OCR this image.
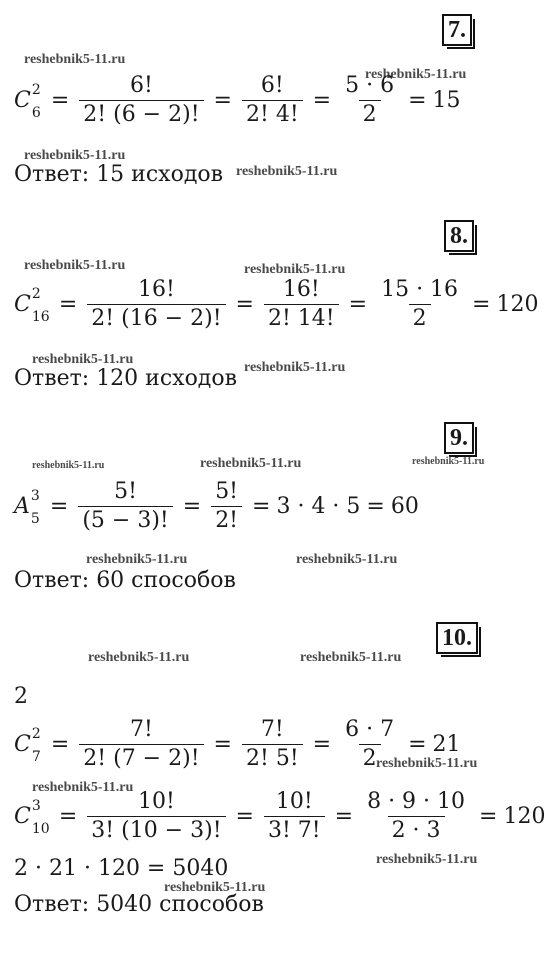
7.
reshebnik5-11.ru
reshebnik5-11.ru
C 2
$6 = \frac{6!}{2! (6 - 2)!} = \frac{6!}{2! 4!} = \frac{5 \cdot 6}{2} = 15$
reshebnik5-11.ru
Ответ: 15 исходов reshebnik5-11.ru
8.
reshebnik5-11.ru	reshebnik5-11.ru
C 2
$16 = \frac{16!}{2! (16 - 2)!} = \frac{16!}{2! 14!} = \frac{15 \cdot 16}{2} = 120$
reshebnik5-11.ru
Ответ: 120 исходов reshebnik5-11.ru
9.
reshebnik5-11.ru	reshebnik5-11.ru	reshebnik5-11.ru
A 3
$5 = \frac{5!}{(5 - 3)!} = \frac{5!}{2!} = 3 \cdot 4 \cdot 5 = 60$
reshebnik5-11.ru	reshebnik5-11.ru
Ответ: 60 способов
10.
reshebnik5-11.ru	reshebnik5-11.ru
2
C 2
$7 = \frac{7!}{2! (7 - 2)!} = \frac{7!}{2! 5!} = \frac{6 \cdot 7}{2} = 21$
reshebnik5-11.ru
reshebnik5-11.ru
C 3
$10 = \frac{10!}{3! (10 - 3)!} = \frac{10!}{3! 7!} = \frac{8 \cdot 9 \cdot 10}{2 \cdot 3} = 120$
2 · 21 · 120 = 5040	reshebnik5-11.ru
reshebnik5-11.ru
Ответ: 5040 способов
